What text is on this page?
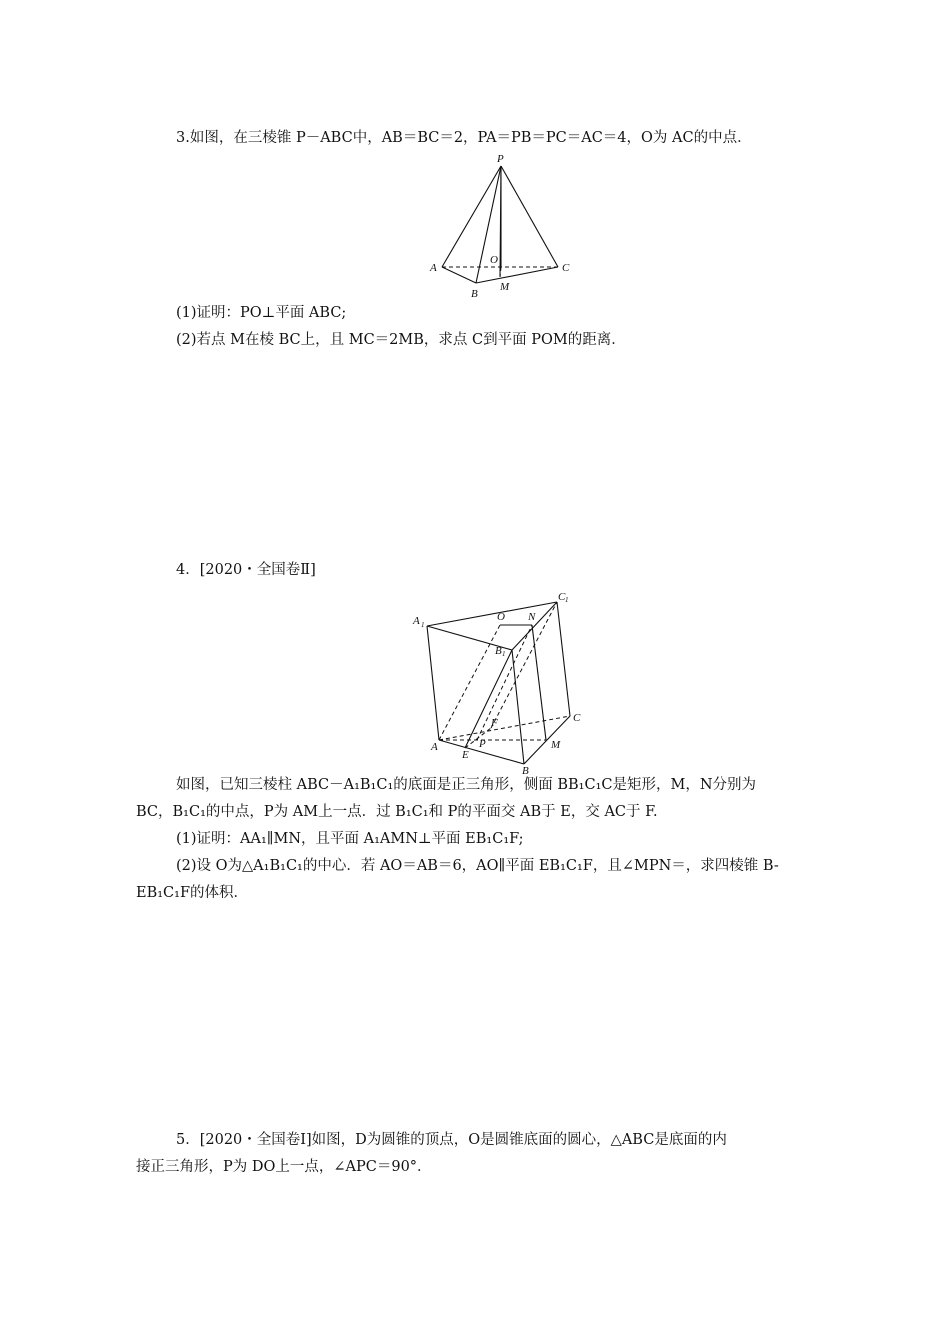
3.如图，在三棱锥 P－ABC中，AB＝BC＝2，PA＝PB＝PC＝AC＝4，O为 AC的中点．
P
A
B
C
O
M
(1)证明：PO⊥平面 ABC;
(2)若点 M在棱 BC上，且 MC＝2MB，求点 C到平面 POM的距离．
4．[2020・全国卷Ⅱ]
A 1
O N
C 1
B 1
F	C
A	P
E
M
B
如图，已知三棱柱 ABC－A₁B₁C₁的底面是正三角形，侧面 BB₁C₁C是矩形，M，N分别为
BC，B₁C₁的中点，P为 AM上一点．过 B₁C₁和 P的平面交 AB于 E，交 AC于 F.
(1)证明：AA₁∥MN，且平面 A₁AMN⊥平面 EB₁C₁F;
(2)设 O为△A₁B₁C₁的中心．若 AO＝AB＝6，AO∥平面 EB₁C₁F，且∠MPN＝，求四棱锥 B-
EB₁C₁F的体积．
5．[2020・全国卷Ⅰ]如图，D为圆锥的顶点，O是圆锥底面的圆心，△ABC是底面的内
接正三角形，P为 DO上一点，∠APC＝90°．
